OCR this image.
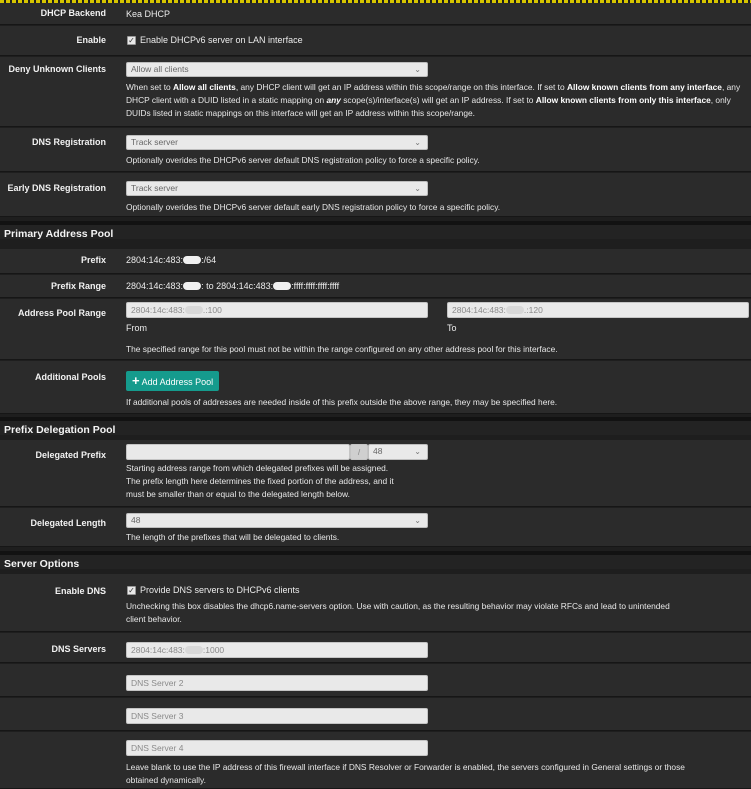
DHCP Backend Kea DHCP
Enable	✓ Enable DHCPv6 server on LAN interface
Deny Unknown Clients	Allow all clients	⌄
When set to Allow all clients, any DHCP client will get an IP address within this scope/range on this interface. If set to Allow known clients from any interface, any DHCP client with a DUID listed in a static mapping on any scope(s)/interface(s) will get an IP address. If set to Allow known clients from only this interface, only DUIDs listed in static mappings on this interface will get an IP address within this scope/range.
DNS Registration	Track server	⌄
Optionally overides the DHCPv6 server default DNS registration policy to force a specific policy.
Early DNS Registration	Track server	⌄
Optionally overides the DHCPv6 server default early DNS registration policy to force a specific policy.
Primary Address Pool
Prefix 2804:14c:483: :/64
Prefix Range 2804:14c:483: : to 2804:14c:483: :ffff:ffff:ffff:ffff
Address Pool Range	2804:14c:483: .:100
From
2804:14c:483: .:120
To
The specified range for this pool must not be within the range configured on any other address pool for this interface.
Additional Pools	+ Add Address Pool
If additional pools of addresses are needed inside of this prefix outside the above range, they may be specified here.
Prefix Delegation Pool
Delegated Prefix	/	48	⌄
Starting address range from which delegated prefixes will be assigned.
The prefix length here determines the fixed portion of the address, and it
must be smaller than or equal to the delegated length below.
Delegated Length	48	⌄
The length of the prefixes that will be delegated to clients.
Server Options
Enable DNS	✓ Provide DNS servers to DHCPv6 clients
Unchecking this box disables the dhcp6.name-servers option. Use with caution, as the resulting behavior may violate RFCs and lead to unintended
client behavior.
DNS Servers	2804:14c:483: :1000
DNS Server 2
DNS Server 3
DNS Server 4
Leave blank to use the IP address of this firewall interface if DNS Resolver or Forwarder is enabled, the servers configured in General settings or those
obtained dynamically.
